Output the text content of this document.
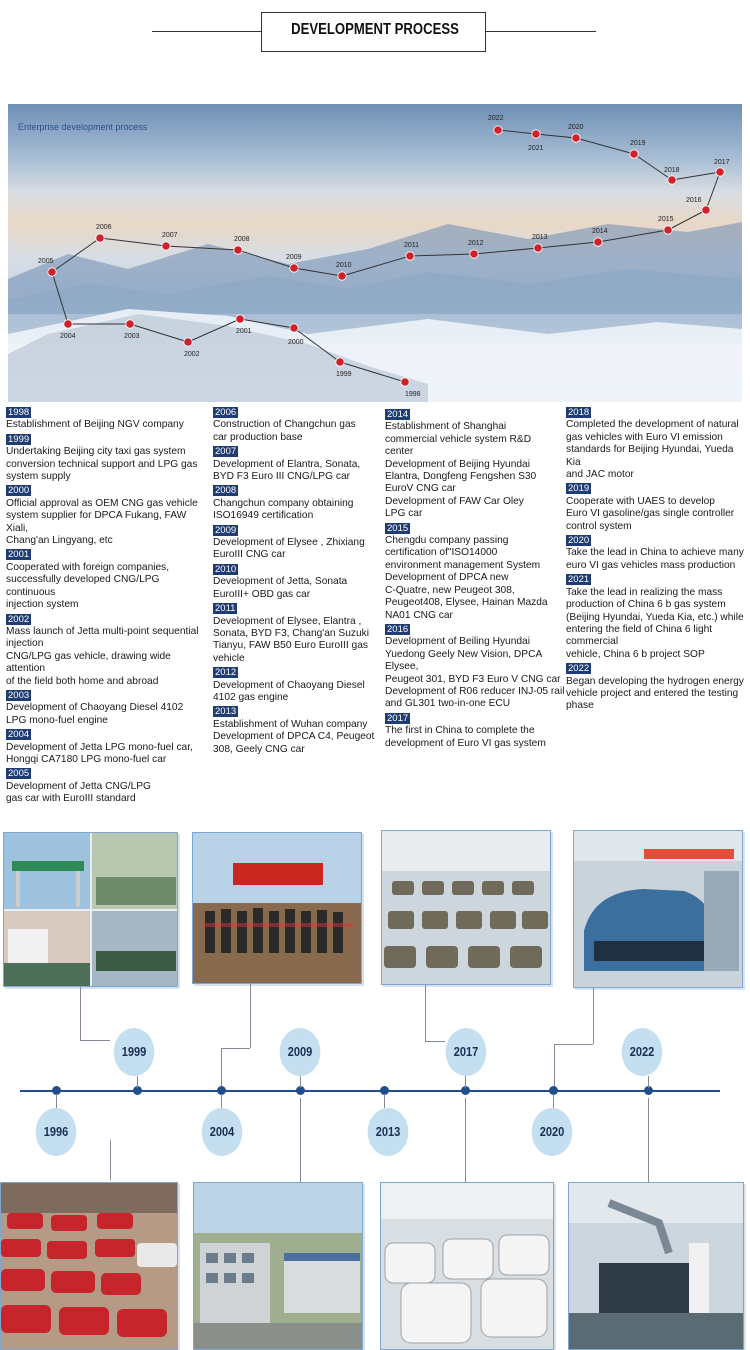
DEVELOPMENT PROCESS
Enterprise development process
1998
1999
2000
2001
2002
2003
2004
2005
2006
2007
2008
2009
2010
2011	2012
2013
2014
2015
2016
2017
2018
2019
2020
2021
2022
1998
Establishment of Beijing NGV company
1999
Undertaking Beijing city taxi gas system
conversion technical support and LPG gas
system supply
2000
Official approval as OEM CNG gas vehicle
system supplier for DPCA Fukang, FAW Xiali,
Chang'an Lingyang, etc
2001
Cooperated with foreign companies,
successfully developed CNG/LPG continuous
injection system
2002
Mass launch of Jetta multi-point sequential
injection
CNG/LPG gas vehicle, drawing wide attention
of the field both home and abroad
2003
Development of Chaoyang Diesel 4102
LPG mono-fuel engine
2004
Development of Jetta LPG mono-fuel car,
Hongqi CA7180 LPG mono-fuel car
2005
Development of Jetta CNG/LPG
gas car with EuroIII standard
2006
Construction of Changchun gas
car production base
2007
Development of Elantra, Sonata,
BYD F3 Euro III CNG/LPG car
2008
Changchun company obtaining
ISO16949 certification
2009
Development of Elysee , Zhixiang
EuroIII CNG car
2010
Development of Jetta, Sonata
EuroIII+ OBD gas car
2011
Development of Elysee, Elantra ,
Sonata, BYD F3, Chang'an Suzuki
Tianyu, FAW B50 Euro EuroIII gas
vehicle
2012
Development of Chaoyang Diesel
4102 gas engine
2013
Establishment of Wuhan company
Development of DPCA C4, Peugeot
308, Geely CNG car
2014
Establishment of Shanghai
commercial vehicle system R&D
center
Development of Beijing Hyundai
Elantra, Dongfeng Fengshen S30
EuroV CNG car
Development of FAW Car Oley
LPG car
2015
Chengdu company passing
certification of"ISO14000
environment management System
Development of DPCA new
C-Quatre, new Peugeot 308,
Peugeot408, Elysee, Hainan Mazda
NA01 CNG car
2016
Development of Beiling Hyundai
Yuedong Geely New Vision, DPCA Elysee,
Peugeot 301, BYD F3 Euro V CNG car
Development of R06 reducer INJ-05 rail
and GL301 two-in-one ECU
2017
The first in China to complete the
development of Euro VI gas system
2018
Completed the development of natural
gas vehicles with Euro VI emission
standards for Beijing Hyundai, Yueda Kia
and JAC motor
2019
Cooperate with UAES to develop
Euro VI gasoline/gas single controller
control system
2020
Take the lead in China to achieve many
euro VI gas vehicles mass production
2021
Take the lead in realizing the mass
production of China 6 b gas system
(Beijing Hyundai, Yueda Kia, etc.) while
entering the field of China 6 light commercial
vehicle, China 6 b project SOP
2022
Began developing the hydrogen energy
vehicle project and entered the testing phase
1999	2009	2017	2022
1996	2004	2013	2020
